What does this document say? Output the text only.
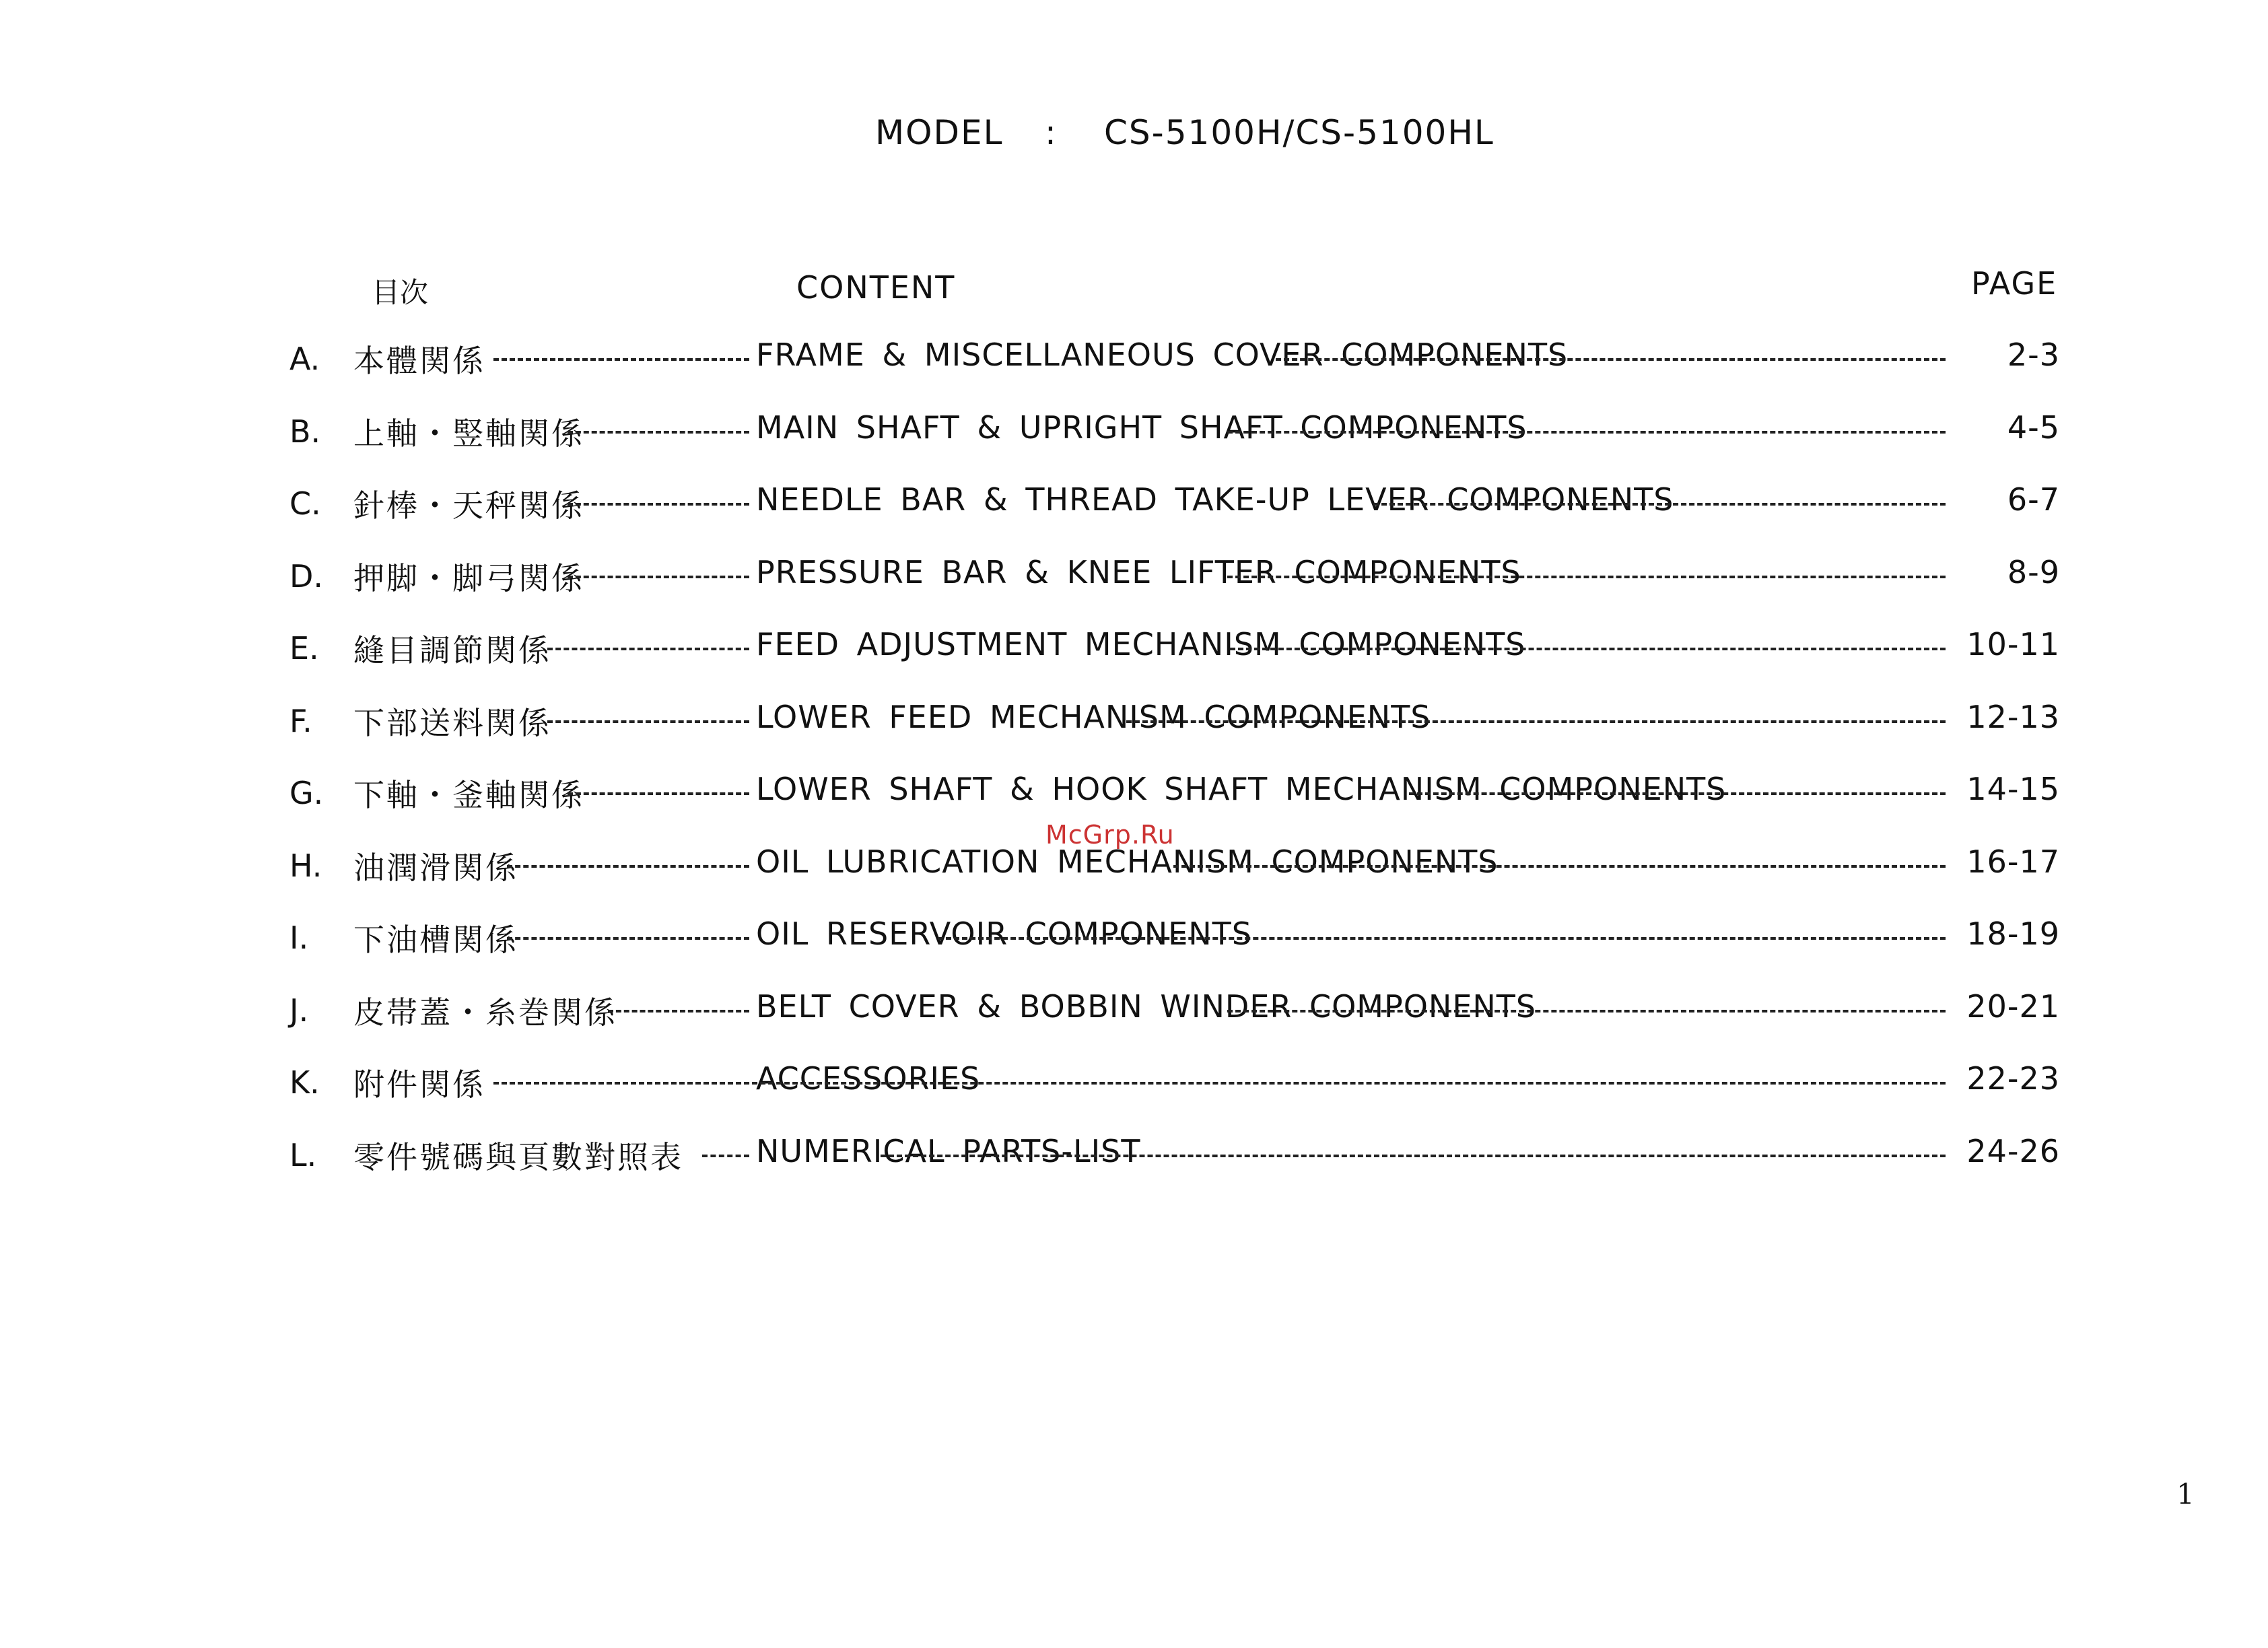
MODEL : CS-5100H/CS-5100HL
目次	CONTENT	PAGE
A. 本體関係	FRAME & MISCELLANEOUS COVER COMPONENTS	2-3
B. 上軸・竪軸関係	MAIN SHAFT & UPRIGHT SHAFT COMPONENTS	4-5
C. 針棒・天秤関係	NEEDLE BAR & THREAD TAKE-UP LEVER COMPONENTS	6-7
D. 押脚・脚弓関係	PRESSURE BAR & KNEE LIFTER COMPONENTS	8-9
E. 縫目調節関係	FEED ADJUSTMENT MECHANISM COMPONENTS	10-11
F. 下部送料関係	LOWER FEED MECHANISM COMPONENTS	12-13
G. 下軸・釜軸関係	LOWER SHAFT & HOOK SHAFT MECHANISM COMPONENTS	14-15
H. 油潤滑関係	OIL LUBRICATION MECHANISM COMPONENTS	16-17
I. 下油槽関係	OIL RESERVOIR COMPONENTS	18-19
J. 皮帯蓋・糸巻関係	BELT COVER & BOBBIN WINDER COMPONENTS	20-21
K. 附件関係	ACCESSORIES	22-23
L. 零件號碼與頁數對照表 NUMERICAL PARTS-LIST	24-26
McGrp.Ru
1
